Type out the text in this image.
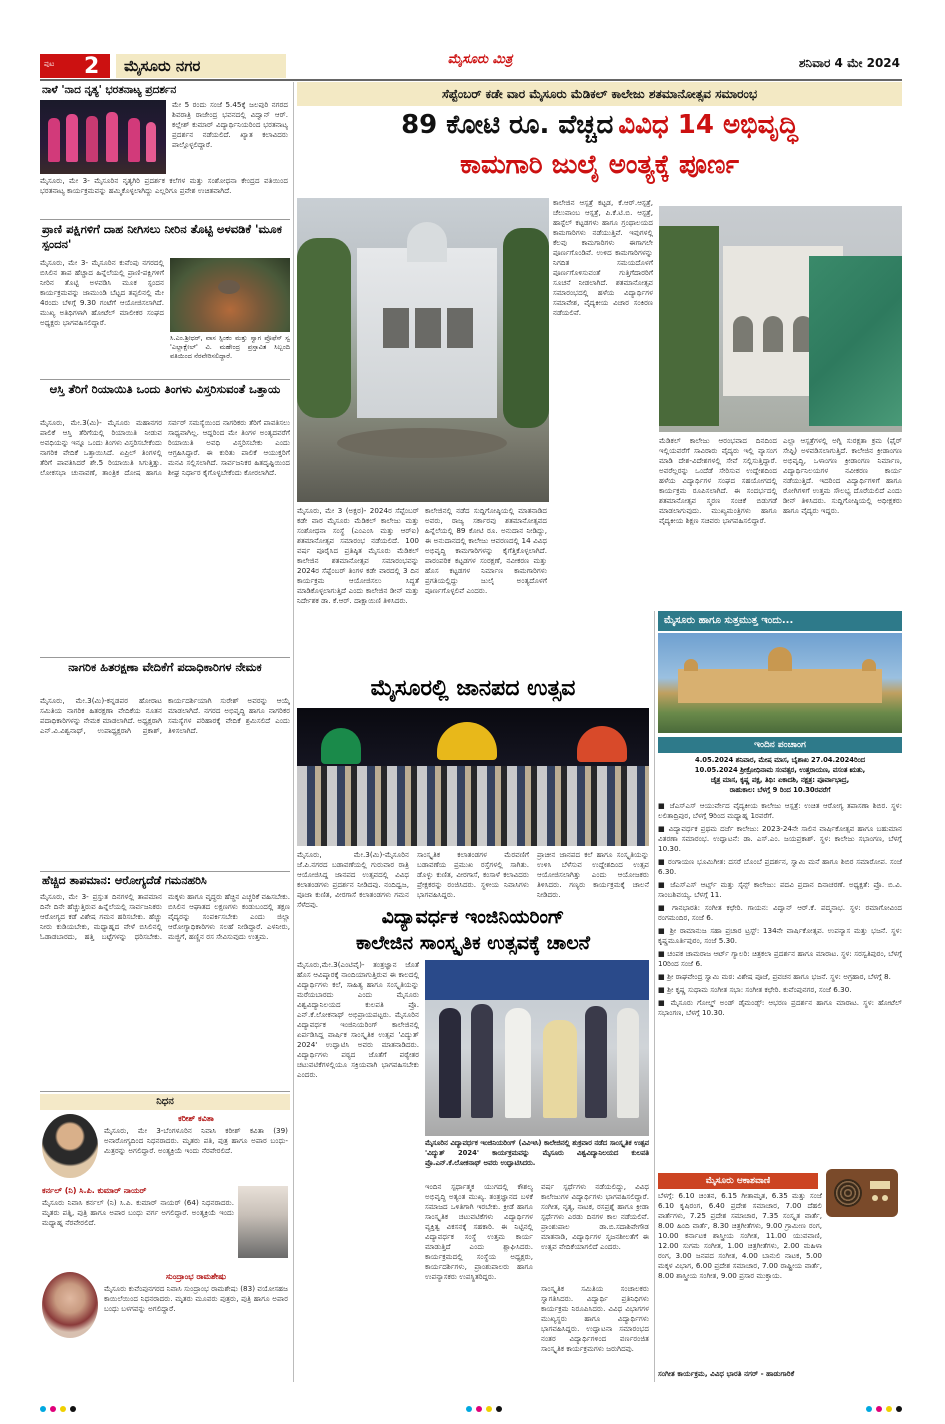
ಪುಟ 2	ಮೈಸೂರು ನಗರ	ಮೈಸೂರು ಮಿತ್ರ	ಶನಿವಾರ 4 ಮೇ 2024
ನಾಳೆ 'ನಾದ ನೃತ್ಯ' ಭರತನಾಟ್ಯ ಪ್ರದರ್ಶನ
ಮೇ 5 ರಂದು ಸಂಜೆ 5.45ಕ್ಕೆ ಜಲಪುರಿ ನಗರದ ಶಿವರಾತ್ರಿ ರಾಜೇಂದ್ರ ಭವನದಲ್ಲಿ ವಿದ್ವಾನ್ ಆರ್. ಕಲ್ಲೇಶ್ ಕುಮಾರ್ ವಿದ್ಯಾರ್ಥಿನಿಯರಿಂದ ಭರತನಾಟ್ಯ ಪ್ರದರ್ಶನ ನಡೆಯಲಿದೆ. ಖ್ಯಾತ ಕಲಾವಿದರು ಪಾಲ್ಗೊಳ್ಳಲಿದ್ದಾರೆ.
ಮೈಸೂರು, ಮೇ 3- ಮೈಸೂರಿನ ನೃತ್ಯಗಿರಿ ಪ್ರದರ್ಶಕ ಕಲೆಗಳ ಮತ್ತು ಸಂಶೋಧನಾ ಕೇಂದ್ರದ ವತಿಯಿಂದ ಭರತನಾಟ್ಯ ಕಾರ್ಯಕ್ರಮವನ್ನು ಹಮ್ಮಿಕೊಳ್ಳಲಾಗಿದ್ದು ಎಲ್ಲರಿಗೂ ಪ್ರವೇಶ ಉಚಿತವಾಗಿದೆ.
ಪ್ರಾಣಿ ಪಕ್ಷಿಗಳಿಗೆ ದಾಹ ನೀಗಿಸಲು ನೀರಿನ ತೊಟ್ಟಿ ಅಳವಡಿಕೆ 'ಮೂಕ ಸ್ಪಂದನ'
ಮೈಸೂರು, ಮೇ 3- ಮೈಸೂರಿನ ಕುವೆಂಪು ನಗರದಲ್ಲಿ ಬಿಸಿಲಿನ ತಾಪ ಹೆಚ್ಚಾದ ಹಿನ್ನೆಲೆಯಲ್ಲಿ ಪ್ರಾಣಿ-ಪಕ್ಷಿಗಳಿಗೆ ನೀರಿನ ತೊಟ್ಟಿ ಅಳವಡಿಸಿ ಮೂಕ ಸ್ಪಂದನ ಕಾರ್ಯಕ್ರಮವನ್ನು ಜಾಮುಂಡಿ ಬೆಟ್ಟದ ತಪ್ಪಲಿನಲ್ಲಿ ಮೇ 4ರಂದು ಬೆಳಿಗ್ಗೆ 9.30 ಗಂಟೆಗೆ ಆಯೋಜಿಸಲಾಗಿದೆ. ಮುಖ್ಯ ಅತಿಥಿಗಳಾಗಿ ಹೋಟೆಲ್ ಮಾಲೀಕರ ಸಂಘದ ಅಧ್ಯಕ್ಷರು ಭಾಗವಹಿಸಲಿದ್ದಾರೆ.
ಸಿ.ಎಂ.ಶ್ರೀಧರ್, ವಾಸ ಸ್ಪಿಂಕಂ ಮತ್ತು ಸ್ವಾಗ ಪ್ರೊಫೆಸ್ ಸ್ವ 'ಎಲ್ಲಾಕ್ಷೇಲ್' ವಿ. ಮಹೇಂದ್ರ ಪ್ರಸ್ತಾವಿತ ಸಿಬ್ಬಂದಿ ವತಿಯಿಂದ ನೆರವೇರಿಸಲಿದ್ದಾರೆ.
ಆಸ್ತಿ ತೆರಿಗೆ ರಿಯಾಯಿತಿ ಒಂದು ತಿಂಗಳು ವಿಸ್ತರಿಸುವಂತೆ ಒತ್ತಾಯ
ಮೈಸೂರು, ಮೇ.3(ಮಿ)- ಮೈಸೂರು ಮಹಾನಗರ ಪಾಲಿಕೆ ಆಸ್ತಿ ತೆರಿಗೆಯಲ್ಲಿ ರಿಯಾಯಿತಿ ನೀಡುವ ಅವಧಿಯನ್ನು ಇನ್ನೂ ಒಂದು ತಿಂಗಳು ವಿಸ್ತರಿಸಬೇಕೆಂದು ನಾಗರಿಕ ವೇದಿಕೆ ಒತ್ತಾಯಿಸಿದೆ. ಏಪ್ರಿಲ್ ತಿಂಗಳಲ್ಲಿ ತೆರಿಗೆ ಪಾವತಿಸಿದರೆ ಶೇ.5 ರಿಯಾಯಿತಿ ಸಿಗುತ್ತಿತ್ತು. ಲೋಕಸಭಾ ಚುನಾವಣೆ, ತಾಂತ್ರಿಕ ದೋಷ ಹಾಗೂ ಸರ್ವರ್ ಸಮಸ್ಯೆಯಿಂದ ನಾಗರಿಕರು ತೆರಿಗೆ ಪಾವತಿಸಲು ಸಾಧ್ಯವಾಗಿಲ್ಲ. ಆದ್ದರಿಂದ ಮೇ ತಿಂಗಳ ಅಂತ್ಯದವರೆಗೆ ರಿಯಾಯಿತಿ ಅವಧಿ ವಿಸ್ತರಿಸಬೇಕು ಎಂದು ಆಗ್ರಹಿಸಿದ್ದಾರೆ. ಈ ಕುರಿತು ಪಾಲಿಕೆ ಆಯುಕ್ತರಿಗೆ ಮನವಿ ಸಲ್ಲಿಸಲಾಗಿದೆ. ಸಾರ್ವಜನಿಕರ ಹಿತದೃಷ್ಟಿಯಿಂದ ಶೀಘ್ರ ನಿರ್ಧಾರ ಕೈಗೊಳ್ಳಬೇಕೆಂದು ಕೋರಲಾಗಿದೆ.
ನಾಗರಿಕ ಹಿತರಕ್ಷಣಾ ವೇದಿಕೆಗೆ ಪದಾಧಿಕಾರಿಗಳ ನೇಮಕ
ಮೈಸೂರು, ಮೇ.3(ಮಿ)-ಕನ್ನಡಪರ ಹೋರಾಟ ಸಮಿತಿಯ ನಾಗರಿಕ ಹಿತರಕ್ಷಣಾ ವೇದಿಕೆಯ ನೂತನ ಪದಾಧಿಕಾರಿಗಳನ್ನು ನೇಮಕ ಮಾಡಲಾಗಿದೆ. ಅಧ್ಯಕ್ಷರಾಗಿ ಎನ್.ವಿ.ವಿಶ್ವನಾಥ್, ಉಪಾಧ್ಯಕ್ಷರಾಗಿ ಪ್ರಕಾಶ್, ಕಾರ್ಯದರ್ಶಿಯಾಗಿ ಸುರೇಶ್ ಅವರನ್ನು ಆಯ್ಕೆ ಮಾಡಲಾಗಿದೆ. ನಗರದ ಅಭಿವೃದ್ಧಿ ಹಾಗೂ ನಾಗರಿಕರ ಸಮಸ್ಯೆಗಳ ಪರಿಹಾರಕ್ಕೆ ವೇದಿಕೆ ಶ್ರಮಿಸಲಿದೆ ಎಂದು ತಿಳಿಸಲಾಗಿದೆ.
ಹೆಚ್ಚಿದ ತಾಪಮಾನ: ಆರೋಗ್ಯದೆಡೆ ಗಮನಹರಿಸಿ
ಮೈಸೂರು, ಮೇ 3- ಪ್ರಸ್ತುತ ದಿನಗಳಲ್ಲಿ ತಾಪಮಾನ ದಿನೇ ದಿನೇ ಹೆಚ್ಚುತ್ತಿರುವ ಹಿನ್ನೆಲೆಯಲ್ಲಿ ಸಾರ್ವಜನಿಕರು ಆರೋಗ್ಯದ ಕಡೆ ವಿಶೇಷ ಗಮನ ಹರಿಸಬೇಕು. ಹೆಚ್ಚು ನೀರು ಕುಡಿಯಬೇಕು, ಮಧ್ಯಾಹ್ನದ ವೇಳೆ ಬಿಸಿಲಿನಲ್ಲಿ ಓಡಾಡಬಾರದು, ಹತ್ತಿ ಬಟ್ಟೆಗಳನ್ನು ಧರಿಸಬೇಕು. ಮಕ್ಕಳು ಹಾಗೂ ವೃದ್ಧರು ಹೆಚ್ಚಿನ ಎಚ್ಚರಿಕೆ ವಹಿಸಬೇಕು. ಬಿಸಿಲಿನ ಆಘಾತದ ಲಕ್ಷಣಗಳು ಕಂಡುಬಂದಲ್ಲಿ ತಕ್ಷಣ ವೈದ್ಯರನ್ನು ಸಂಪರ್ಕಿಸಬೇಕು ಎಂದು ಜಿಲ್ಲಾ ಆರೋಗ್ಯಾಧಿಕಾರಿಗಳು ಸಲಹೆ ನೀಡಿದ್ದಾರೆ. ಎಳನೀರು, ಮಜ್ಜಿಗೆ, ಹಣ್ಣಿನ ರಸ ಸೇವಿಸುವುದು ಉತ್ತಮ.
ನಿಧನ
ಕರೀಶ್ ಕವಿತಾ
ಮೈಸೂರು, ಮೇ 3-ಬೆಂಗಳೂರಿನ ನಿವಾಸಿ ಕರೀಶ್ ಕವಿತಾ (39) ಅನಾರೋಗ್ಯದಿಂದ ನಿಧನರಾದರು. ಮೃತರು ಪತಿ, ಪುತ್ರ ಹಾಗೂ ಅಪಾರ ಬಂಧು-ಮಿತ್ರರನ್ನು ಅಗಲಿದ್ದಾರೆ. ಅಂತ್ಯಕ್ರಿಯೆ ಇಂದು ನೆರವೇರಲಿದೆ.
ಕರ್ನಲ್ (ನಿ) ಸಿ.ಪಿ. ಕುಮಾರ್ ನಾಯರ್
ಮೈಸೂರು ನಿವಾಸಿ ಕರ್ನಲ್ (ನಿ) ಸಿ.ಪಿ. ಕುಮಾರ್ ನಾಯರ್ (64) ನಿಧನರಾದರು. ಮೃತರು ಪತ್ನಿ, ಪುತ್ರಿ ಹಾಗೂ ಅಪಾರ ಬಂಧು ವರ್ಗ ಅಗಲಿದ್ದಾರೆ. ಅಂತ್ಯಕ್ರಿಯೆ ಇಂದು ಮಧ್ಯಾಹ್ನ ನೆರವೇರಲಿದೆ.
ಸುಂದ್ರಾಂಭ ರಾಮಶೇಷು
ಮೈಸೂರು ಕುವೆಂಪುನಗರದ ನಿವಾಸಿ ಸುಂದ್ರಾಂಭ ರಾಮಶೇಷು (83) ವಯೋಸಹಜ ಕಾಯಿಲೆಯಿಂದ ನಿಧನರಾದರು. ಮೃತರು ಮೂವರು ಪುತ್ರರು, ಪುತ್ರಿ ಹಾಗೂ ಅಪಾರ ಬಂಧು ಬಳಗವನ್ನು ಅಗಲಿದ್ದಾರೆ.
ಸೆಪ್ಟೆಂಬರ್ ಕಡೇ ವಾರ ಮೈಸೂರು ಮೆಡಿಕಲ್ ಕಾಲೇಜು ಶತಮಾನೋತ್ಸವ ಸಮಾರಂಭ
89 ಕೋಟಿ ರೂ. ವೆಚ್ಚದ ವಿವಿಧ 14 ಅಭಿವೃದ್ಧಿ
ಕಾಮಗಾರಿ ಜುಲೈ ಅಂತ್ಯಕ್ಕೆ ಪೂರ್ಣ
ಮೈಸೂರು, ಮೇ 3 (ಅಕ್ಷರ)- 2024ರ ಸೆಪ್ಟೆಂಬರ್ ಕಡೇ ವಾರ ಮೈಸೂರು ಮೆಡಿಕಲ್ ಕಾಲೇಜು ಮತ್ತು ಸಂಶೋಧನಾ ಸಂಸ್ಥೆ (ಎಂಎಂಸಿ ಮತ್ತು ಆರ್‌ಐ) ಶತಮಾನೋತ್ಸವ ಸಮಾರಂಭ ನಡೆಯಲಿದೆ. 100 ವರ್ಷ ಪೂರೈಸಿದ ಪ್ರತಿಷ್ಠಿತ ಮೈಸೂರು ಮೆಡಿಕಲ್ ಕಾಲೇಜಿನ ಶತಮಾನೋತ್ಸವ ಸಮಾರಂಭವನ್ನು 2024ರ ಸೆಪ್ಟೆಂಬರ್ ತಿಂಗಳ ಕಡೇ ವಾರದಲ್ಲಿ 3 ದಿನ ಕಾರ್ಯಕ್ರಮ ಆಯೋಜಿಸಲು ಸಿದ್ಧತೆ ಮಾಡಿಕೊಳ್ಳಲಾಗುತ್ತಿದೆ ಎಂದು ಕಾಲೇಜಿನ ಡೀನ್ ಮತ್ತು ನಿರ್ದೇಶಕ ಡಾ. ಕೆ.ಆರ್. ದಾಕ್ಷಾಯಿಣಿ ತಿಳಿಸಿದರು.
ಕಾಲೇಜಿನಲ್ಲಿ ನಡೆದ ಸುದ್ದಿಗೋಷ್ಠಿಯಲ್ಲಿ ಮಾತನಾಡಿದ ಅವರು, ರಾಜ್ಯ ಸರ್ಕಾರವು ಶತಮಾನೋತ್ಸವದ ಹಿನ್ನೆಲೆಯಲ್ಲಿ 89 ಕೋಟಿ ರೂ. ಅನುದಾನ ನೀಡಿದ್ದು, ಈ ಅನುದಾನದಲ್ಲಿ ಕಾಲೇಜು ಆವರಣದಲ್ಲಿ 14 ವಿವಿಧ ಅಭಿವೃದ್ಧಿ ಕಾಮಗಾರಿಗಳನ್ನು ಕೈಗೆತ್ತಿಕೊಳ್ಳಲಾಗಿದೆ. ಪಾರಂಪರಿಕ ಕಟ್ಟಡಗಳ ಸಂರಕ್ಷಣೆ, ನವೀಕರಣ ಮತ್ತು ಹೊಸ ಕಟ್ಟಡಗಳ ನಿರ್ಮಾಣ ಕಾಮಗಾರಿಗಳು ಪ್ರಗತಿಯಲ್ಲಿದ್ದು ಜುಲೈ ಅಂತ್ಯದೊಳಗೆ ಪೂರ್ಣಗೊಳ್ಳಲಿವೆ ಎಂದರು.
ಕಾಲೇಜಿನ ಆಸ್ಪತ್ರೆ ಕಟ್ಟಡ, ಕೆ.ಆರ್.ಆಸ್ಪತ್ರೆ, ಚೆಲುವಾಂಬ ಆಸ್ಪತ್ರೆ, ಪಿ.ಕೆ.ಟಿ.ಬಿ. ಆಸ್ಪತ್ರೆ, ಹಾಸ್ಟೆಲ್ ಕಟ್ಟಡಗಳು ಹಾಗೂ ಗ್ರಂಥಾಲಯದ ಕಾಮಗಾರಿಗಳು ನಡೆಯುತ್ತಿವೆ. ಇವುಗಳಲ್ಲಿ ಕೆಲವು ಕಾಮಗಾರಿಗಳು ಈಗಾಗಲೇ ಪೂರ್ಣಗೊಂಡಿವೆ. ಉಳಿದ ಕಾಮಗಾರಿಗಳನ್ನು ನಿಗದಿತ ಸಮಯದೊಳಗೆ ಪೂರ್ಣಗೊಳಿಸುವಂತೆ ಗುತ್ತಿಗೆದಾರರಿಗೆ ಸೂಚನೆ ನೀಡಲಾಗಿದೆ. ಶತಮಾನೋತ್ಸವ ಸಮಾರಂಭದಲ್ಲಿ ಹಳೆಯ ವಿದ್ಯಾರ್ಥಿಗಳ ಸಮಾವೇಶ, ವೈದ್ಯಕೀಯ ವಿಚಾರ ಸಂಕಿರಣ ನಡೆಯಲಿವೆ.
ಮೆಡಿಕಲ್ ಕಾಲೇಜು ಆರಂಭವಾದ ದಿನದಿಂದ ಇಲ್ಲಿಯವರೆಗೆ ಸಾವಿರಾರು ವೈದ್ಯರು ಇಲ್ಲಿ ವ್ಯಾಸಂಗ ಮಾಡಿ ದೇಶ-ವಿದೇಶಗಳಲ್ಲಿ ಸೇವೆ ಸಲ್ಲಿಸುತ್ತಿದ್ದಾರೆ. ಅವರೆಲ್ಲರನ್ನು ಒಂದೆಡೆ ಸೇರಿಸುವ ಉದ್ದೇಶದಿಂದ ಹಳೆಯ ವಿದ್ಯಾರ್ಥಿಗಳ ಸಂಘದ ಸಹಯೋಗದಲ್ಲಿ ಕಾರ್ಯಕ್ರಮ ರೂಪಿಸಲಾಗಿದೆ. ಈ ಸಂದರ್ಭದಲ್ಲಿ ಶತಮಾನೋತ್ಸವ ಸ್ಮರಣ ಸಂಚಿಕೆ ಬಿಡುಗಡೆ ಮಾಡಲಾಗುವುದು. ಮುಖ್ಯಮಂತ್ರಿಗಳು ಹಾಗೂ ವೈದ್ಯಕೀಯ ಶಿಕ್ಷಣ ಸಚಿವರು ಭಾಗವಹಿಸಲಿದ್ದಾರೆ.
ಎಲ್ಲಾ ಆಸ್ಪತ್ರೆಗಳಲ್ಲಿ ಅಗ್ನಿ ಸುರಕ್ಷತಾ ಕ್ರಮ (ಫೈರ್ ಸೇಫ್ಟಿ) ಅಳವಡಿಸಲಾಗುತ್ತಿದೆ. ಕಾಲೇಜಿನ ಕ್ರೀಡಾಂಗಣ ಅಭಿವೃದ್ಧಿ, ಒಳಾಂಗಣ ಕ್ರೀಡಾಂಗಣ ನಿರ್ಮಾಣ, ವಿದ್ಯಾರ್ಥಿನಿಲಯಗಳ ನವೀಕರಣ ಕಾರ್ಯ ನಡೆಯುತ್ತಿದೆ. ಇದರಿಂದ ವಿದ್ಯಾರ್ಥಿಗಳಿಗೆ ಹಾಗೂ ರೋಗಿಗಳಿಗೆ ಉತ್ತಮ ಸೌಲಭ್ಯ ದೊರೆಯಲಿದೆ ಎಂದು ಡೀನ್ ತಿಳಿಸಿದರು. ಸುದ್ದಿಗೋಷ್ಠಿಯಲ್ಲಿ ಅಧೀಕ್ಷಕರು ಹಾಗೂ ವೈದ್ಯರು ಇದ್ದರು.
ಮೈಸೂರು ಹಾಗೂ ಸುತ್ತಮುತ್ತ ಇಂದು...
ಇಂದಿನ ಪಂಚಾಂಗ
4.05.2024 ಶನಿವಾರ, ಮೇಷ ಮಾಸ, ಬೈಶಾಖ 27.04.2024ರಿಂದ
10.05.2024 ಶ್ರೀಕ್ರೋಧಿನಾಮ ಸಂವತ್ಸರ, ಉತ್ತರಾಯಣ, ವಸಂತ ಋತು,
ಚೈತ್ರ ಮಾಸ, ಕೃಷ್ಣ ಪಕ್ಷ, ತಿಥಿ: ಏಕಾದಶಿ, ನಕ್ಷತ್ರ: ಪೂರ್ವಾಭಾದ್ರ,
ರಾಹುಕಾಲ: ಬೆಳಗ್ಗೆ 9 ರಿಂದ 10.30ರವರೆಗೆ
■ ಜೆಎಸ್‌ಎಸ್ ಆಯುರ್ವೇದ ವೈದ್ಯಕೀಯ ಕಾಲೇಜು ಆಸ್ಪತ್ರೆ: ಉಚಿತ ಆರೋಗ್ಯ ತಪಾಸಣಾ ಶಿಬಿರ. ಸ್ಥಳ: ಲಲಿತಾದ್ರಿಪುರ, ಬೆಳಗ್ಗೆ 9ರಿಂದ ಮಧ್ಯಾಹ್ನ 1ರವರೆಗೆ.
■ ವಿದ್ಯಾವರ್ಧಕ ಪ್ರಥಮ ದರ್ಜೆ ಕಾಲೇಜು: 2023-24ನೇ ಸಾಲಿನ ವಾರ್ಷಿಕೋತ್ಸವ ಹಾಗೂ ಬಹುಮಾನ ವಿತರಣಾ ಸಮಾರಂಭ. ಉದ್ಘಾಟನೆ: ಡಾ. ಎಸ್.ಎಂ. ಜಯಪ್ರಕಾಶ್. ಸ್ಥಳ: ಕಾಲೇಜು ಸಭಾಂಗಣ, ಬೆಳಗ್ಗೆ 10.30.
■ ರಂಗಾಯಣ ಭೂಮಿಗೀತ: ದಸರೆ ಬೊಂಬೆ ಪ್ರದರ್ಶನ, ಸ್ವಾಮಿ ಮನೆ ಹಾಗೂ ಶಿಬಿರ ಸಮಾರೋಪ. ಸಂಜೆ 6.30.
■ ಜೆಎಸ್‌ಎಸ್ ಆರ್ಟ್ಸ್ ಮತ್ತು ಸೈನ್ಸ್ ಕಾಲೇಜು: ಪದವಿ ಪ್ರದಾನ ದಿನಾಚರಣೆ. ಅಧ್ಯಕ್ಷತೆ: ಪ್ರೊ. ಬಿ.ವಿ. ಸಾಂಬಶಿವಯ್ಯ. ಬೆಳಗ್ಗೆ 11.
■ ಗಾನಭಾರತಿ: ಸಂಗೀತ ಕಛೇರಿ. ಗಾಯನ: ವಿದ್ವಾನ್ ಆರ್.ಕೆ. ಪದ್ಮನಾಭ. ಸ್ಥಳ: ರಮಾಗೋವಿಂದ ರಂಗಮಂದಿರ, ಸಂಜೆ 6.
■ ಶ್ರೀ ರಾಮಾನುಜ ಸಹಾ ಪ್ರಚಾರ ಟ್ರಸ್ಟ್: 134ನೇ ವಾರ್ಷಿಕೋತ್ಸವ. ಉಪನ್ಯಾಸ ಮತ್ತು ಭಜನೆ. ಸ್ಥಳ: ಕೃಷ್ಣಮೂರ್ತಿಪುರಂ, ಸಂಜೆ 5.30.
■ ಚಂಪಕ ಚಾಮರಾಜ ಆರ್ಟ್ ಗ್ಯಾಲರಿ: ಚಿತ್ರಕಲಾ ಪ್ರದರ್ಶನ ಹಾಗೂ ಮಾರಾಟ. ಸ್ಥಳ: ಸರಸ್ವತಿಪುರಂ, ಬೆಳಗ್ಗೆ 10ರಿಂದ ಸಂಜೆ 6.
■ ಶ್ರೀ ರಾಘವೇಂದ್ರ ಸ್ವಾಮಿ ಮಠ: ವಿಶೇಷ ಪೂಜೆ, ಪ್ರವಚನ ಹಾಗೂ ಭಜನೆ. ಸ್ಥಳ: ಅಗ್ರಹಾರ, ಬೆಳಗ್ಗೆ 8.
■ ಶ್ರೀ ಕೃಷ್ಣ ಸುಧಾಮ ಸಂಗೀತ ಸಭಾ: ಸಂಗೀತ ಕಛೇರಿ. ಕುವೆಂಪುನಗರ, ಸಂಜೆ 6.30.
■ ಮೈಸೂರು ಗೋಲ್ಡ್ ಅಂಡ್ ಡೈಮಂಡ್ಸ್: ಆಭರಣ ಪ್ರದರ್ಶನ ಹಾಗೂ ಮಾರಾಟ. ಸ್ಥಳ: ಹೋಟೆಲ್ ಸಭಾಂಗಣ, ಬೆಳಗ್ಗೆ 10.30.
ಮೈಸೂರು ಆಕಾಶವಾಣಿ
ಬೆಳಗ್ಗೆ: 6.10 ಚಿಂತನ, 6.15 ಗೀತಾಮೃತ, 6.35 ಮತ್ತು ಸಂಜೆ 6.10 ಕೃಷಿರಂಗ, 6.40 ಪ್ರದೇಶ ಸಮಾಚಾರ, 7.00 ದೆಹಲಿ ವಾರ್ತೆಗಳು, 7.25 ಪ್ರದೇಶ ಸಮಾಚಾರ, 7.35 ಸಂಸ್ಕೃತ ವಾರ್ತೆ, 8.00 ಹಿಂದಿ ವಾರ್ತೆ, 8.30 ಚಿತ್ರಗೀತೆಗಳು, 9.00 ಗ್ರಾಮೀಣ ರಂಗ, 10.00 ಕರ್ನಾಟಕ ಶಾಸ್ತ್ರೀಯ ಸಂಗೀತ, 11.00 ಯುವವಾಣಿ, 12.00 ಸುಗಮ ಸಂಗೀತ, 1.00 ಚಿತ್ರಗೀತೆಗಳು, 2.00 ಮಹಿಳಾ ರಂಗ, 3.00 ಜನಪದ ಸಂಗೀತ, 4.00 ಬಾನುಲಿ ನಾಟಕ, 5.00 ಮಕ್ಕಳ ವಿಭಾಗ, 6.00 ಪ್ರದೇಶ ಸಮಾಚಾರ, 7.00 ರಾಷ್ಟ್ರೀಯ ವಾರ್ತೆ, 8.00 ಶಾಸ್ತ್ರೀಯ ಸಂಗೀತ, 9.00 ಪ್ರಸಾರ ಮುಕ್ತಾಯ.
ಸಂಗೀತ ಕಾರ್ಯಕ್ರಮ, ವಿವಿಧ ಭಾರತಿ ನಗರ್ - ಹಾಡುಗಾರಿಕೆ
ಮೈಸೂರಲ್ಲಿ ಜಾನಪದ ಉತ್ಸವ
ಮೈಸೂರು, ಮೇ.3(ಮಿ)-ಮೈಸೂರಿನ ಜೆ.ಪಿ.ನಗರದ ಬಡಾವಣೆಯಲ್ಲಿ ಗುರುವಾರ ರಾತ್ರಿ ಆಯೋಜಿಸಿದ್ದ ಜಾನಪದ ಉತ್ಸವದಲ್ಲಿ ವಿವಿಧ ಕಲಾತಂಡಗಳು ಪ್ರದರ್ಶನ ನೀಡಿದವು. ನಂದಿಧ್ವಜ, ಪೂಜಾ ಕುಣಿತ, ವೀರಗಾಸೆ ಕಲಾತಂಡಗಳು ಗಮನ ಸೆಳೆದವು.
ಸಾಂಸ್ಕೃತಿಕ ಕಲಾತಂಡಗಳ ಮೆರವಣಿಗೆ ಬಡಾವಣೆಯ ಪ್ರಮುಖ ರಸ್ತೆಗಳಲ್ಲಿ ಸಾಗಿತು. ಡೊಳ್ಳು ಕುಣಿತ, ವೀರಗಾಸೆ, ಕಂಸಾಳೆ ಕಲಾವಿದರು ಪ್ರೇಕ್ಷಕರನ್ನು ರಂಜಿಸಿದರು. ಸ್ಥಳೀಯ ನಿವಾಸಿಗಳು ಭಾಗವಹಿಸಿದ್ದರು.
ಪ್ರಾಚೀನ ಜಾನಪದ ಕಲೆ ಹಾಗೂ ಸಂಸ್ಕೃತಿಯನ್ನು ಉಳಿಸಿ ಬೆಳೆಸುವ ಉದ್ದೇಶದಿಂದ ಉತ್ಸವ ಆಯೋಜಿಸಲಾಗಿತ್ತು ಎಂದು ಆಯೋಜಕರು ತಿಳಿಸಿದರು. ಗಣ್ಯರು ಕಾರ್ಯಕ್ರಮಕ್ಕೆ ಚಾಲನೆ ನೀಡಿದರು.
ವಿದ್ಯಾವರ್ಧಕ ಇಂಜಿನಿಯರಿಂಗ್
ಕಾಲೇಜಿನ ಸಾಂಸ್ಕೃತಿಕ ಉತ್ಸವಕ್ಕೆ ಚಾಲನೆ
ಮೈಸೂರು,ಮೇ.3(ಎಂಟಿವೈ)- ತಂತ್ರಜ್ಞಾನ ಜೊತೆ ಹೊಸ ಆವಿಷ್ಕಾರಕ್ಕೆ ನಾಂದಿಯಾಗುತ್ತಿರುವ ಈ ಕಾಲದಲ್ಲಿ ವಿದ್ಯಾರ್ಥಿಗಳು ಕಲೆ, ಸಾಹಿತ್ಯ ಹಾಗೂ ಸಂಸ್ಕೃತಿಯನ್ನು ಮರೆಯಬಾರದು ಎಂದು ಮೈಸೂರು ವಿಶ್ವವಿದ್ಯಾನಿಲಯದ ಕುಲಪತಿ ಪ್ರೊ. ಎನ್.ಕೆ.ಲೋಕನಾಥ್ ಅಭಿಪ್ರಾಯಪಟ್ಟರು. ಮೈಸೂರಿನ ವಿದ್ಯಾವರ್ಧಕ ಇಂಜಿನಿಯರಿಂಗ್ ಕಾಲೇಜಿನಲ್ಲಿ ಏರ್ಪಡಿಸಿದ್ದ ವಾರ್ಷಿಕ ಸಾಂಸ್ಕೃತಿಕ ಉತ್ಸವ 'ವಿದ್ಯುತ್ 2024' ಉದ್ಘಾಟಿಸಿ ಅವರು ಮಾತನಾಡಿದರು. ವಿದ್ಯಾರ್ಥಿಗಳು ಪಠ್ಯದ ಜೊತೆಗೆ ಪಠ್ಯೇತರ ಚಟುವಟಿಕೆಗಳಲ್ಲಿಯೂ ಸಕ್ರಿಯವಾಗಿ ಭಾಗವಹಿಸಬೇಕು ಎಂದರು.
ಮೈಸೂರಿನ ವಿದ್ಯಾವರ್ಧಕ ಇಂಜಿನಿಯರಿಂಗ್ (ವಿವಿಇಸಿ) ಕಾಲೇಜಿನಲ್ಲಿ ಶುಕ್ರವಾರ ನಡೆದ ಸಾಂಸ್ಕೃತಿಕ ಉತ್ಸವ 'ವಿದ್ಯುತ್ 2024' ಕಾರ್ಯಕ್ರಮವನ್ನು ಮೈಸೂರು ವಿಶ್ವವಿದ್ಯಾನಿಲಯದ ಕುಲಪತಿ ಪ್ರೊ.ಎನ್.ಕೆ.ಲೋಕನಾಥ್ ಅವರು ಉದ್ಘಾಟಿಸಿದರು.
ಇಂದಿನ ಸ್ಪರ್ಧಾತ್ಮಕ ಯುಗದಲ್ಲಿ ಕೌಶಲ್ಯ ಅಭಿವೃದ್ಧಿ ಅತ್ಯಂತ ಮುಖ್ಯ. ತಂತ್ರಜ್ಞಾನದ ಬಳಕೆ ಸಮಾಜದ ಒಳಿತಿಗಾಗಿ ಇರಬೇಕು. ಕ್ರೀಡೆ ಹಾಗೂ ಸಾಂಸ್ಕೃತಿಕ ಚಟುವಟಿಕೆಗಳು ವಿದ್ಯಾರ್ಥಿಗಳ ವ್ಯಕ್ತಿತ್ವ ವಿಕಸನಕ್ಕೆ ಸಹಕಾರಿ. ಈ ನಿಟ್ಟಿನಲ್ಲಿ ವಿದ್ಯಾವರ್ಧಕ ಸಂಸ್ಥೆ ಉತ್ತಮ ಕಾರ್ಯ ಮಾಡುತ್ತಿದೆ ಎಂದು ಶ್ಲಾಘಿಸಿದರು. ಕಾರ್ಯಕ್ರಮದಲ್ಲಿ ಸಂಸ್ಥೆಯ ಅಧ್ಯಕ್ಷರು, ಕಾರ್ಯದರ್ಶಿಗಳು, ಪ್ರಾಂಶುಪಾಲರು ಹಾಗೂ ಉಪನ್ಯಾಸಕರು ಉಪಸ್ಥಿತರಿದ್ದರು.
ವರ್ಷ ಸ್ಪರ್ಧೆಗಳು ನಡೆಯಲಿದ್ದು, ವಿವಿಧ ಕಾಲೇಜುಗಳ ವಿದ್ಯಾರ್ಥಿಗಳು ಭಾಗವಹಿಸಲಿದ್ದಾರೆ. ಸಂಗೀತ, ನೃತ್ಯ, ನಾಟಕ, ರಸಪ್ರಶ್ನೆ ಹಾಗೂ ಕ್ರೀಡಾ ಸ್ಪರ್ಧೆಗಳು ಎರಡು ದಿನಗಳ ಕಾಲ ನಡೆಯಲಿವೆ. ಪ್ರಾಂಶುಪಾಲ ಡಾ.ಬಿ.ಸದಾಶಿವೇಗೌಡ ಮಾತನಾಡಿ, ವಿದ್ಯಾರ್ಥಿಗಳ ಸೃಜನಶೀಲತೆಗೆ ಈ ಉತ್ಸವ ವೇದಿಕೆಯಾಗಲಿದೆ ಎಂದರು.
ಸಾಂಸ್ಕೃತಿಕ ಸಮಿತಿಯ ಸಂಚಾಲಕರು ಸ್ವಾಗತಿಸಿದರು. ವಿದ್ಯಾರ್ಥಿ ಪ್ರತಿನಿಧಿಗಳು ಕಾರ್ಯಕ್ರಮ ನಿರೂಪಿಸಿದರು. ವಿವಿಧ ವಿಭಾಗಗಳ ಮುಖ್ಯಸ್ಥರು ಹಾಗೂ ವಿದ್ಯಾರ್ಥಿಗಳು ಭಾಗವಹಿಸಿದ್ದರು. ಉದ್ಘಾಟನಾ ಸಮಾರಂಭದ ನಂತರ ವಿದ್ಯಾರ್ಥಿಗಳಿಂದ ವರ್ಣರಂಜಿತ ಸಾಂಸ್ಕೃತಿಕ ಕಾರ್ಯಕ್ರಮಗಳು ಜರುಗಿದವು.
